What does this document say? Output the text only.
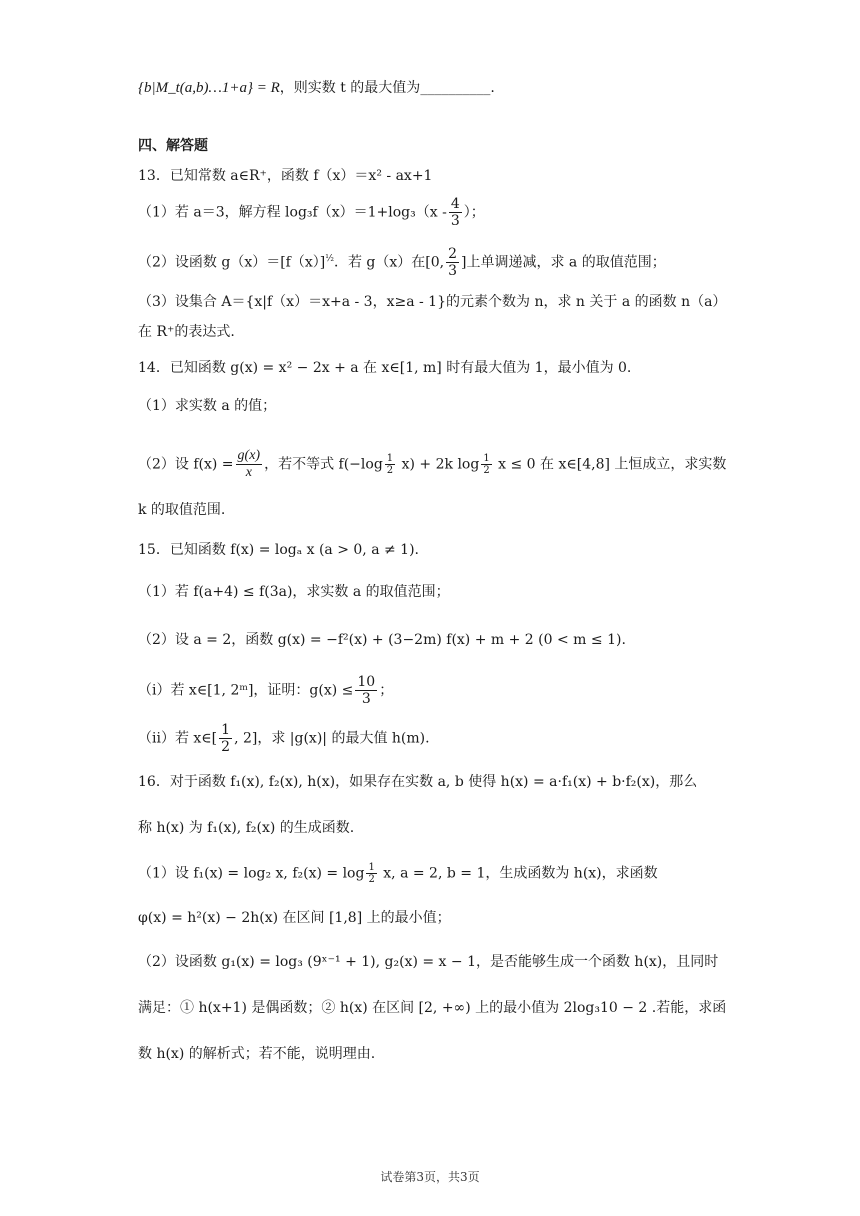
{b|M_t(a,b)…1+a} = R，则实数 t 的最大值为__________.
四、解答题
13．已知常数 a∈R⁺，函数 f（x）＝x² - ax+1
（1）若 a＝3，解方程 $\log_3f(x)=1+\log_3(x - \frac{4}{3}$ ）；
（2）设函数 $g(x)=[f(x)]^{\frac{1}{2}}$．若 g（x）在[0, $\frac{2}{3}$ ]上单调递减，求 a 的取值范围；
（3）设集合 A＝{x|f（x）＝x+a - 3，x≥a - 1}的元素个数为 n，求 n 关于 a 的函数 n（a）
在 R⁺的表达式.
14．已知函数 g(x) = x² − 2x + a 在 x∈[1, m] 时有最大值为 1，最小值为 0.
（1）求实数 a 的值；
（2）设 $f(x) = \frac{g(x)}{x}$ ，若不等式 $f(-\log \frac{1}{2} x) + 2k$ $\log \frac{1}{2}$ x ≤ 0 在 x∈[4,8] 上恒成立，求实数
k 的取值范围.
15．已知函数 f(x) = logₐ x (a > 0, a ≠ 1).
（1）若 f(a+4) ≤ f(3a)，求实数 a 的取值范围；
（2）设 a = 2，函数 g(x) = −f²(x) + (3−2m) f(x) + m + 2 (0 < m ≤ 1).
（i）若 x∈[1, 2ᵐ]，证明：$g(x) \le \frac{10}{3}$ ；
（ii）若 x∈[ $\frac{1}{2}$ , 2]，求 |g(x)| 的最大值 h(m).
16．对于函数 f₁(x), f₂(x), h(x)，如果存在实数 a, b 使得 h(x) = a·f₁(x) + b·f₂(x)，那么
称 h(x) 为 f₁(x), f₂(x) 的生成函数.
（1）设 f₁(x) = log₂ x, $f_2(x) = \log \frac{1}{2} x$, a = 2, b = 1，生成函数为 h(x)，求函数
φ(x) = h²(x) − 2h(x) 在区间 [1,8] 上的最小值；
（2）设函数 g₁(x) = log₃ (9ˣ⁻¹ + 1), g₂(x) = x − 1，是否能够生成一个函数 h(x)，且同时
满足：① h(x+1) 是偶函数；② h(x) 在区间 [2, +∞) 上的最小值为 2log₃10 − 2 .若能，求函
数 h(x) 的解析式；若不能，说明理由.
试卷第3页，共3页
